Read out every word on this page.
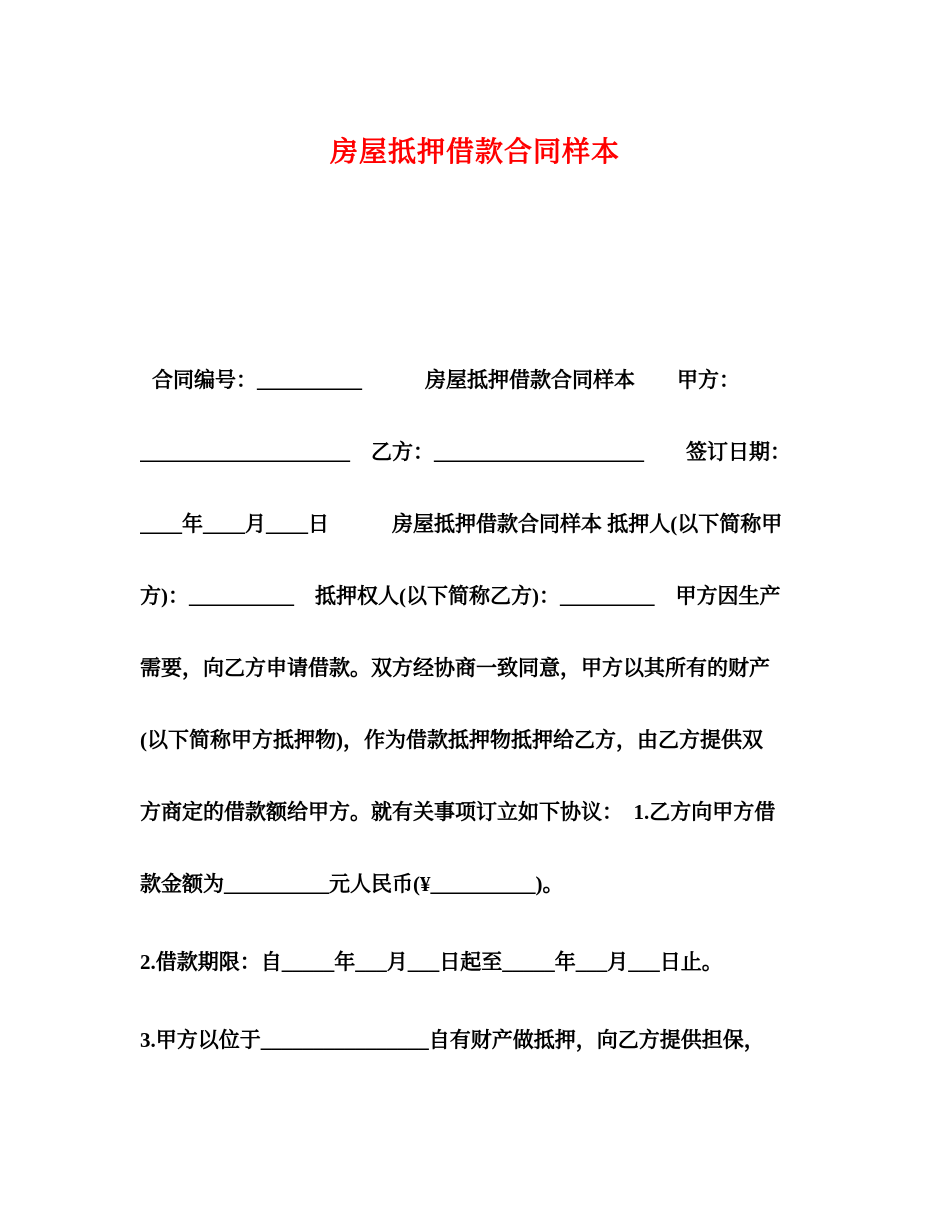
房屋抵押借款合同样本
合同编号：__________　　　房屋抵押借款合同样本　　甲方：
____________________　乙方：____________________　　签订日期：
____年____月____日　　　房屋抵押借款合同样本 抵押人(以下简称甲
方)：__________　抵押权人(以下简称乙方)：_________　甲方因生产
需要，向乙方申请借款。双方经协商一致同意，甲方以其所有的财产
(以下简称甲方抵押物)，作为借款抵押物抵押给乙方，由乙方提供双
方商定的借款额给甲方。就有关事项订立如下协议：　1.乙方向甲方借
款金额为__________元人民币(¥__________)。
2.借款期限：自_____年___月___日起至_____年___月___日止。
3.甲方以位于________________自有财产做抵押，向乙方提供担保，
